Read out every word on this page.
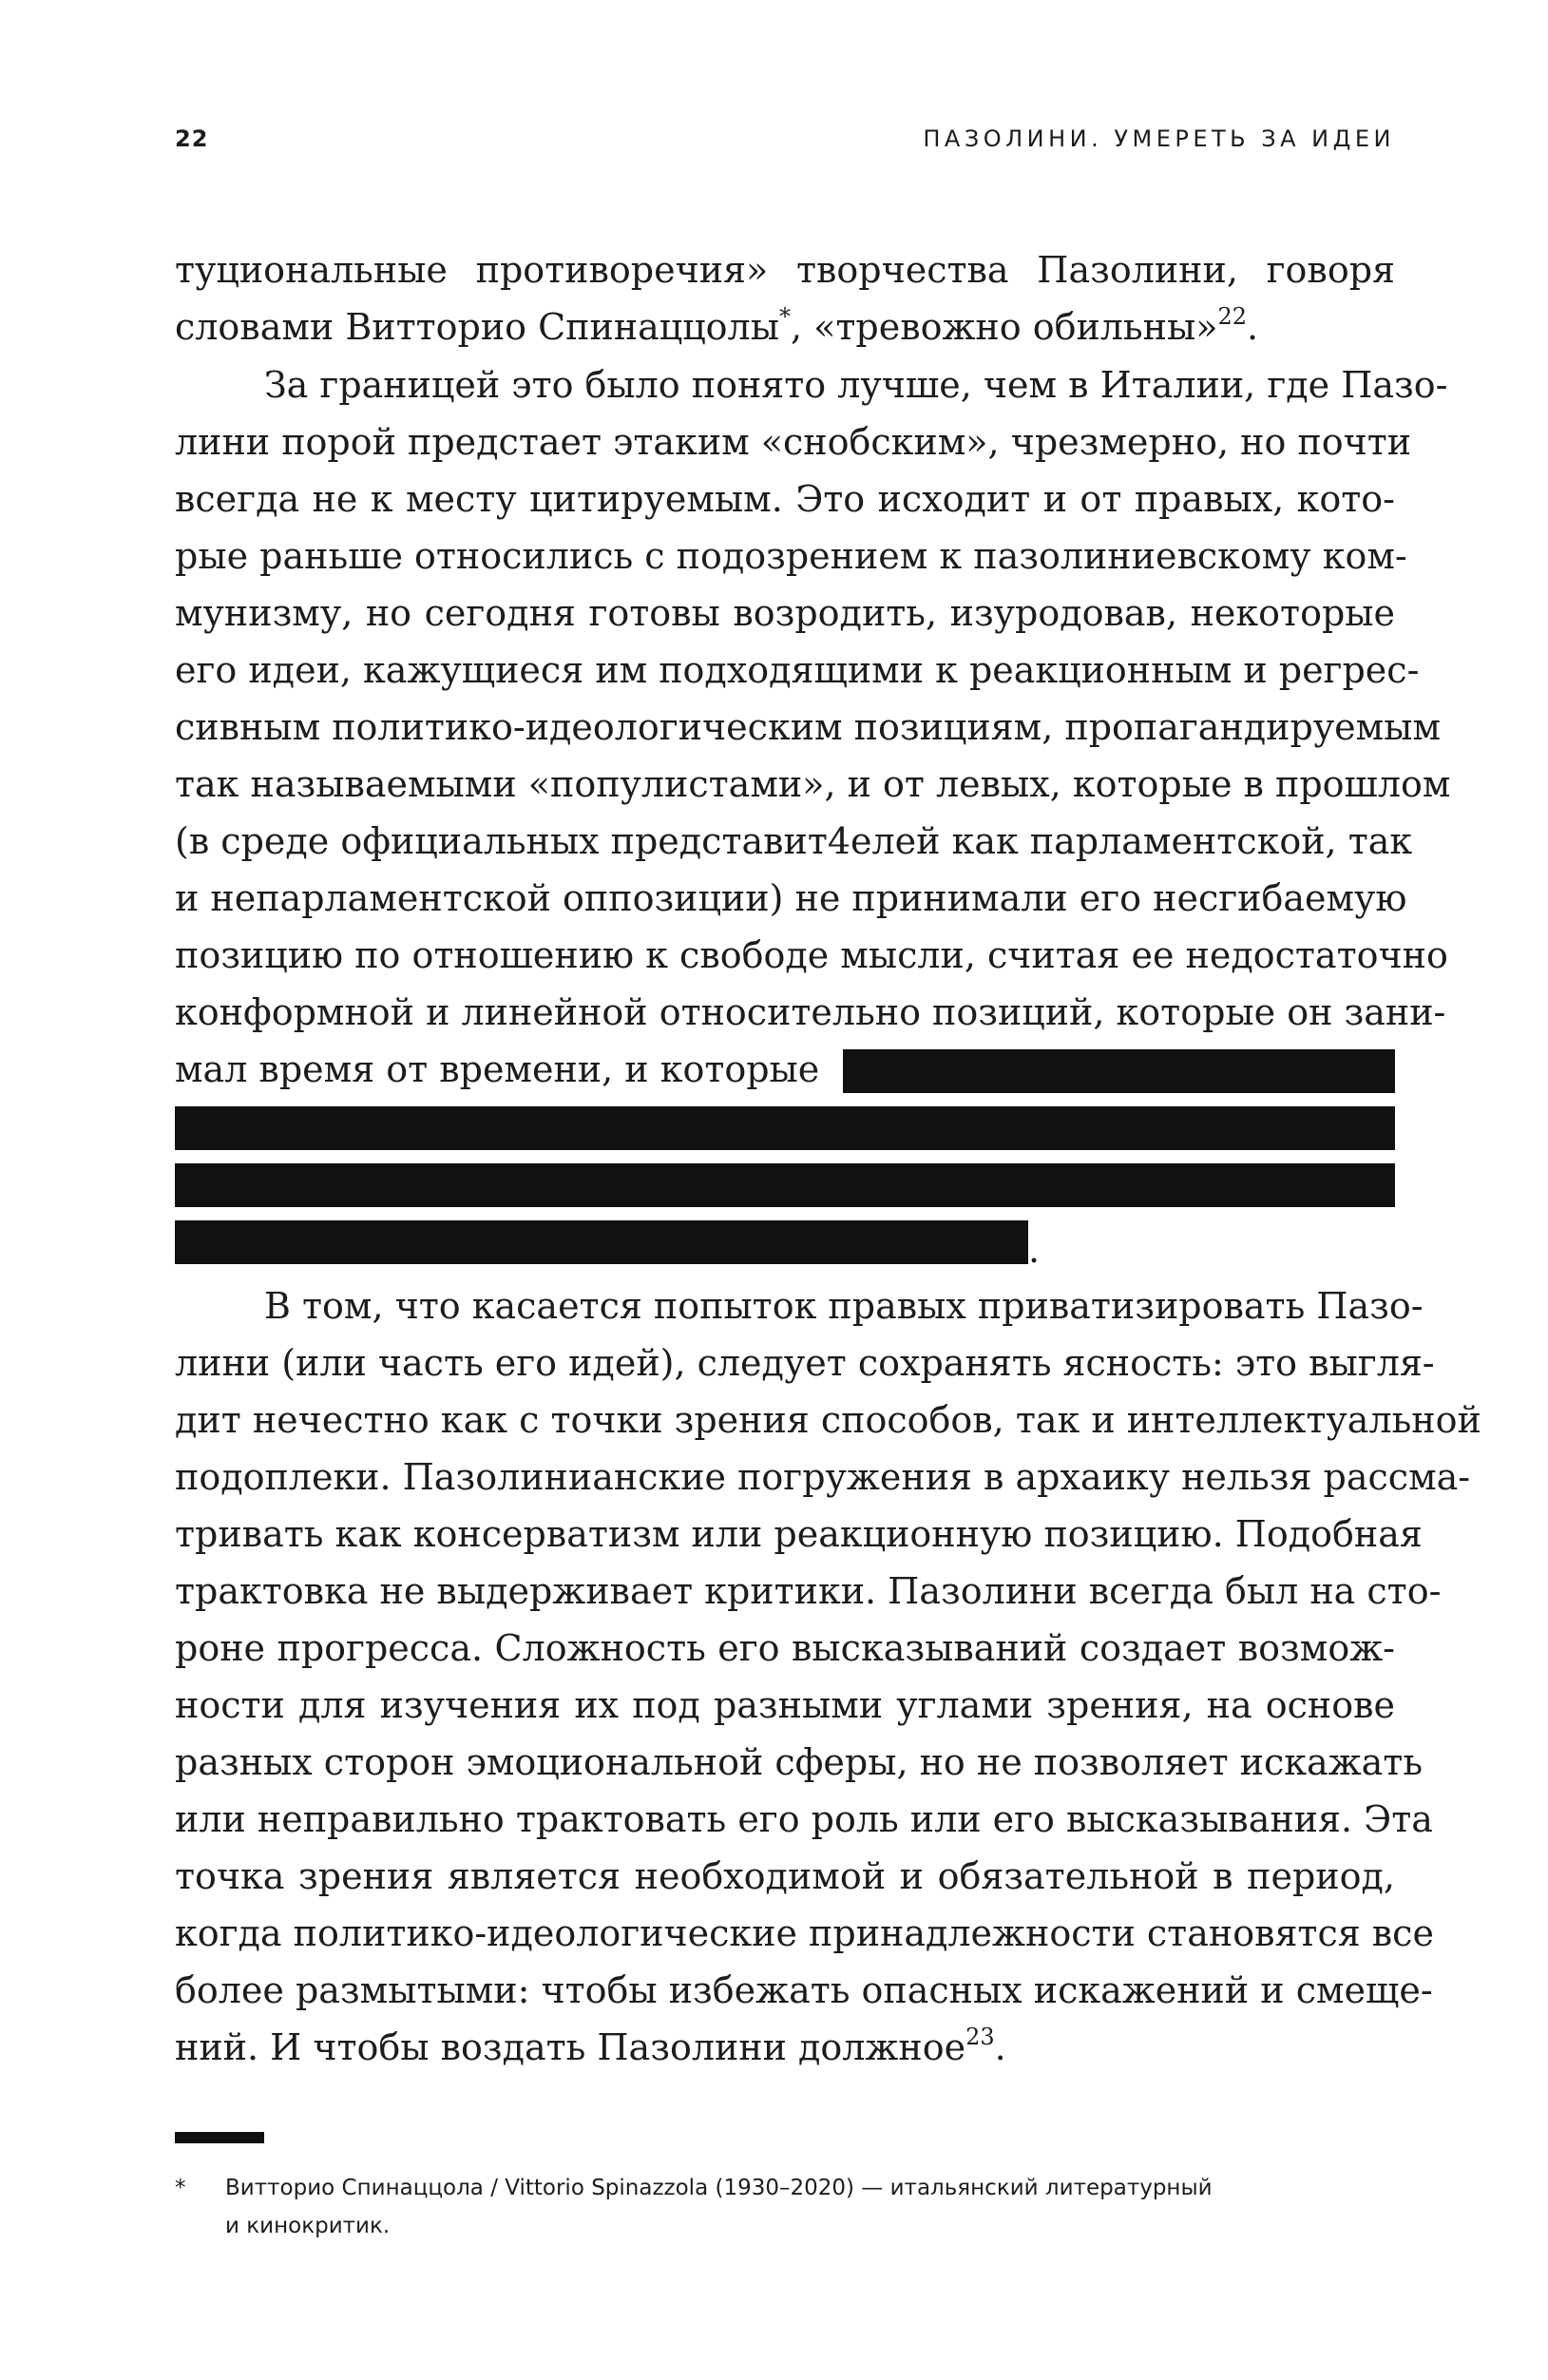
22	ПАЗОЛИНИ. УМЕРЕТЬ ЗА ИДЕИ
туциональные противоречия» творчества Пазолини, говоря
словами Витторио Спинаццолы*, «тревожно обильны»$^{22}$.
За границей это было понято лучше, чем в Италии, где Пазо-
лини порой предстает этаким «снобским», чрезмерно, но почти
всегда не к месту цитируемым. Это исходит и от правых, кото-
рые раньше относились с подозрением к пазолиниевскому ком-
мунизму, но сегодня готовы возродить, изуродовав, некоторые
его идеи, кажущиеся им подходящими к реакционным и регрес-
сивным политико-идеологическим позициям, пропагандируемым
так называемыми «популистами», и от левых, которые в прошлом
(в среде официальных представит4елей как парламентской, так
и непарламентской оппозиции) не принимали его несгибаемую
позицию по отношению к свободе мысли, считая ее недостаточно
конформной и линейной относительно позиций, которые он зани-
мал время от времени, и которые
.
В том, что касается попыток правых приватизировать Пазо-
лини (или часть его идей), следует сохранять ясность: это выгля-
дит нечестно как с точки зрения способов, так и интеллектуальной
подоплеки. Пазолинианские погружения в архаику нельзя рассма-
тривать как консерватизм или реакционную позицию. Подобная
трактовка не выдерживает критики. Пазолини всегда был на сто-
роне прогресса. Сложность его высказываний создает возмож-
ности для изучения их под разными углами зрения, на основе
разных сторон эмоциональной сферы, но не позволяет искажать
или неправильно трактовать его роль или его высказывания. Эта
точка зрения является необходимой и обязательной в период,
когда политико-идеологические принадлежности становятся все
более размытыми: чтобы избежать опасных искажений и смеще-
ний. И чтобы воздать Пазолини должное$^{23}$.
* Витторио Спинаццола / Vittorio Spinazzola (1930–2020) — итальянский литературный
и кинокритик.
